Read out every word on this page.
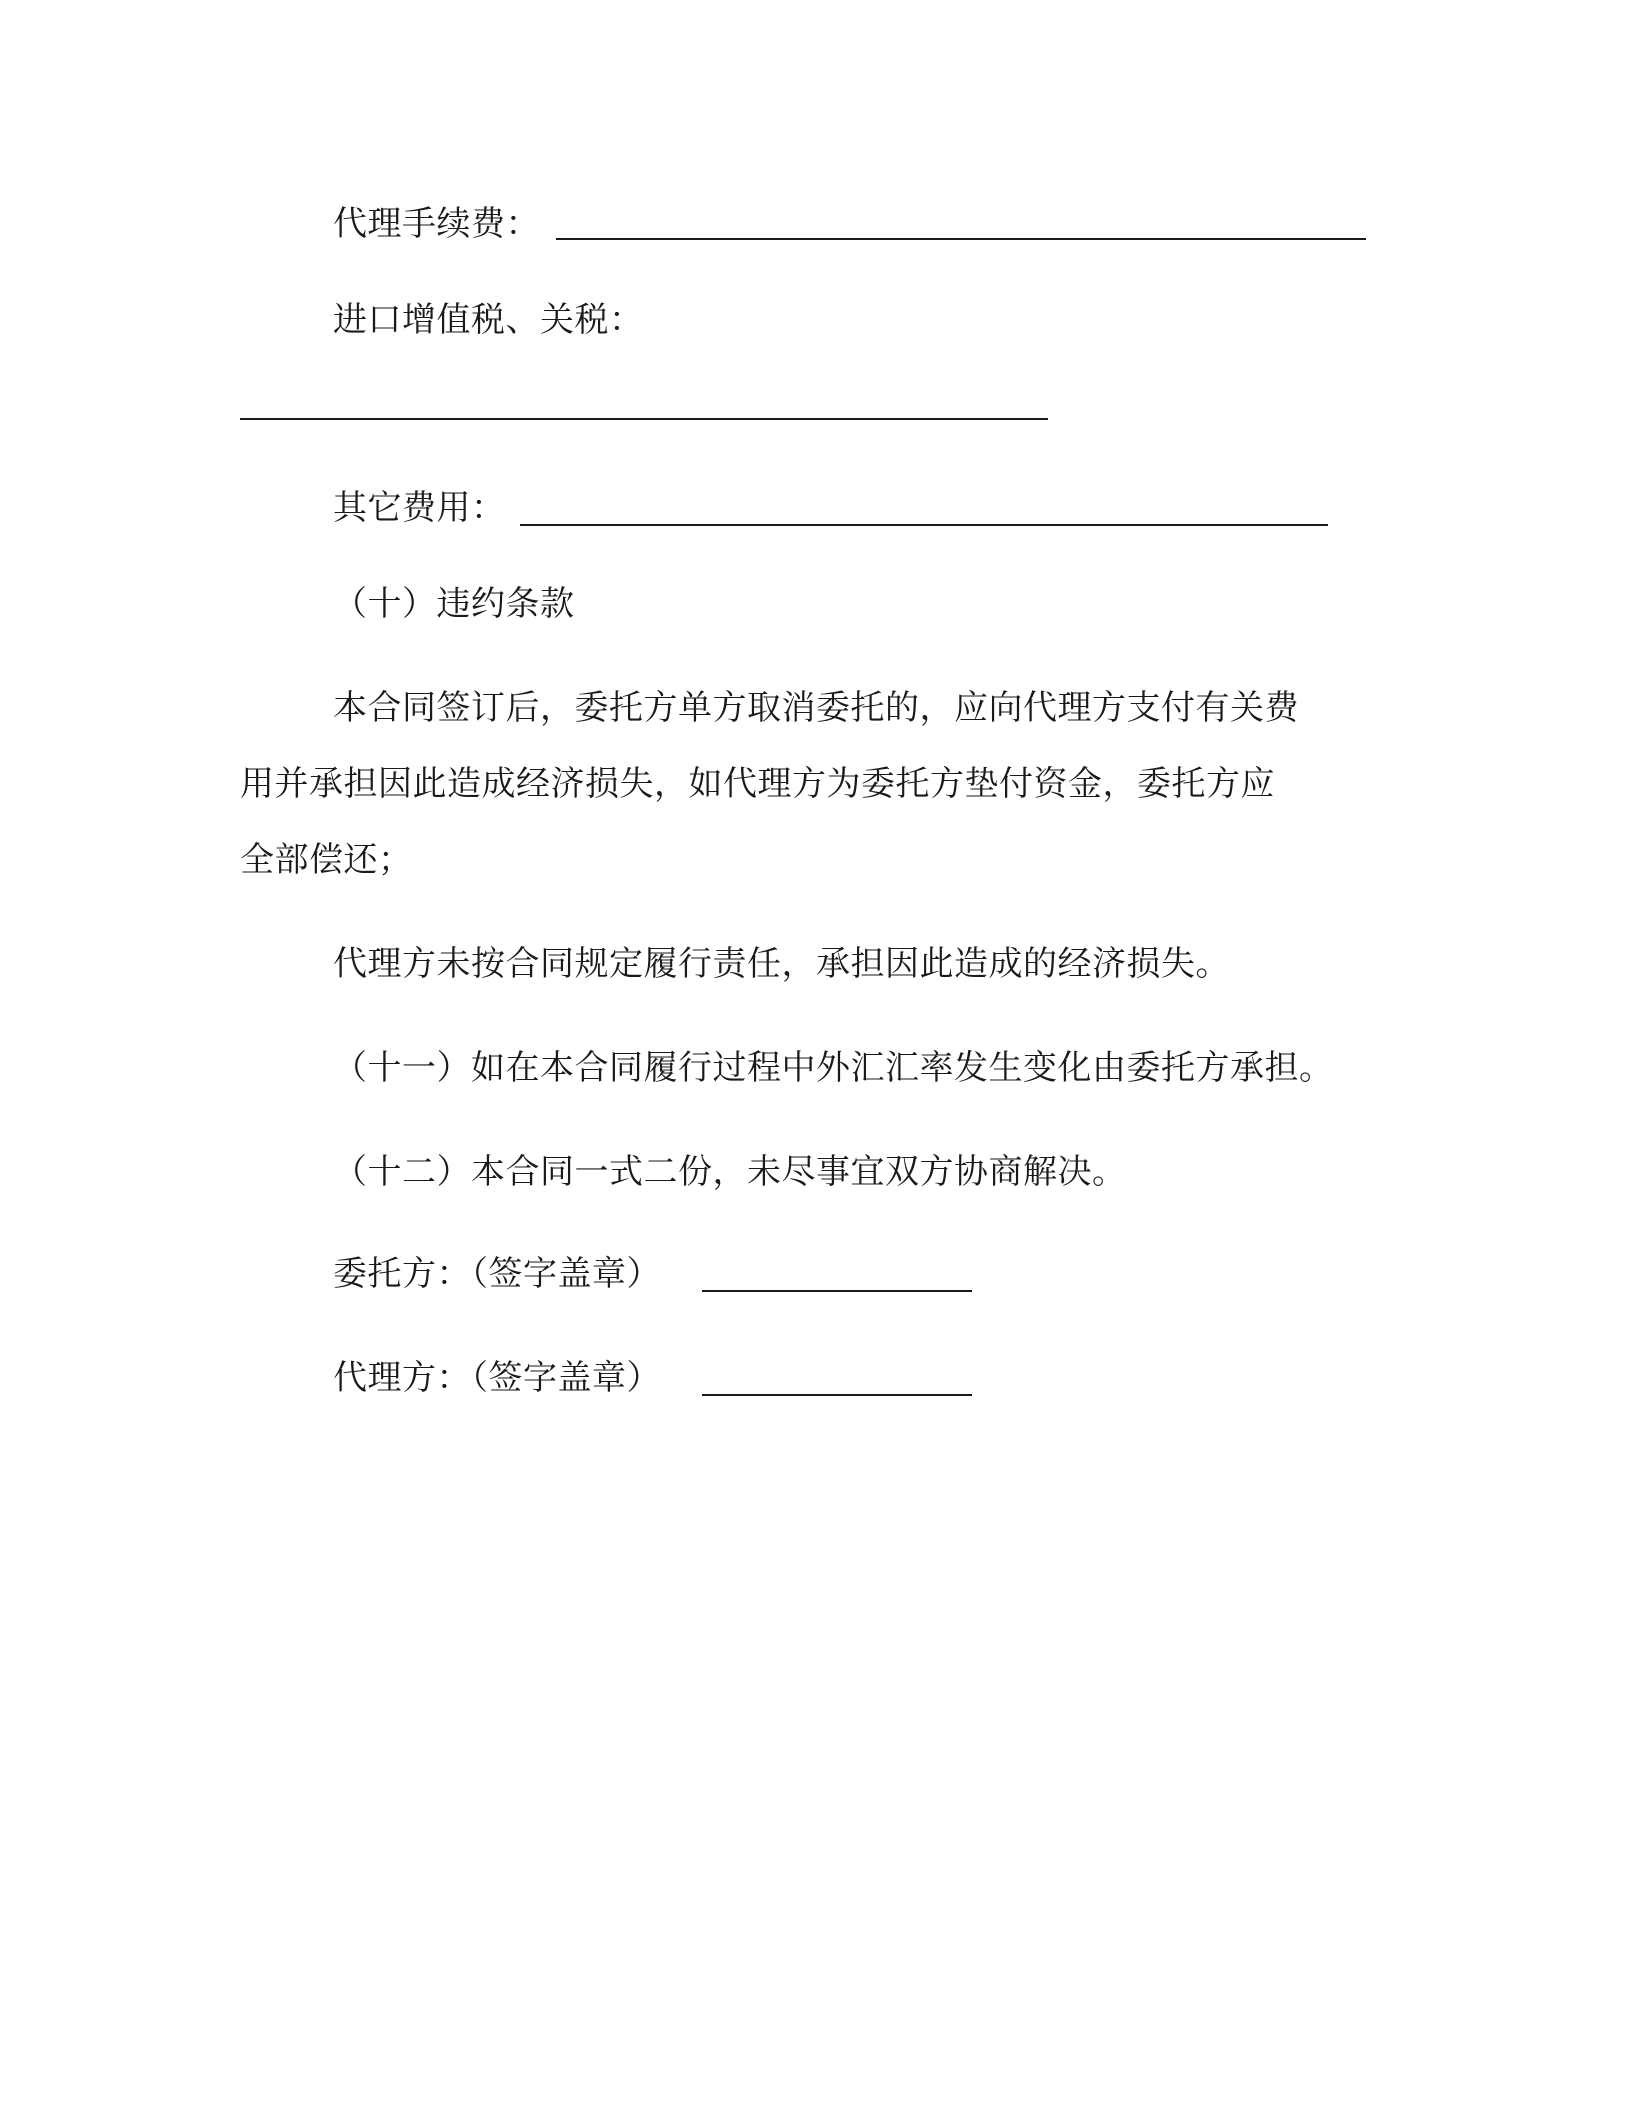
代理手续费：
进口增值税、关税：
其它费用：
（十）违约条款
本合同签订后，委托方单方取消委托的，应向代理方支付有关费
用并承担因此造成经济损失，如代理方为委托方垫付资金，委托方应
全部偿还；
代理方未按合同规定履行责任，承担因此造成的经济损失。
（十一）如在本合同履行过程中外汇汇率发生变化由委托方承担。
（十二）本合同一式二份，未尽事宜双方协商解决。
委托方：（签字盖章）
代理方：（签字盖章）
